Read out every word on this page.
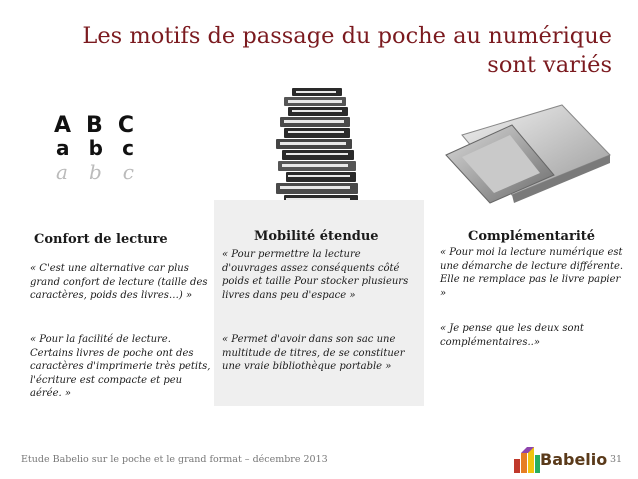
Les motifs de passage du poche au numérique
sont variés
A B C
a b c
a b c
Confort de lecture	Mobilité étendue	Complémentarité
« C'est une alternative car plus grand confort de lecture (taille des caractères, poids des livres…) »
« Pour la facilité de lecture. Certains livres de poche ont des caractères d'imprimerie très petits, l'écriture est compacte et peu aérée. »
« Pour permettre la lecture d'ouvrages assez conséquents côté poids et taille Pour stocker plusieurs livres dans peu d'espace »
« Permet d'avoir dans son sac une multitude de titres, de se constituer une vraie bibliothèque portable »
« Pour moi la lecture numérique est une démarche de lecture différente. Elle ne remplace pas le livre papier »
« Je pense que les deux sont complémentaires..»
Etude Babelio sur le poche et le grand format – décembre 2013	Babelio 31
